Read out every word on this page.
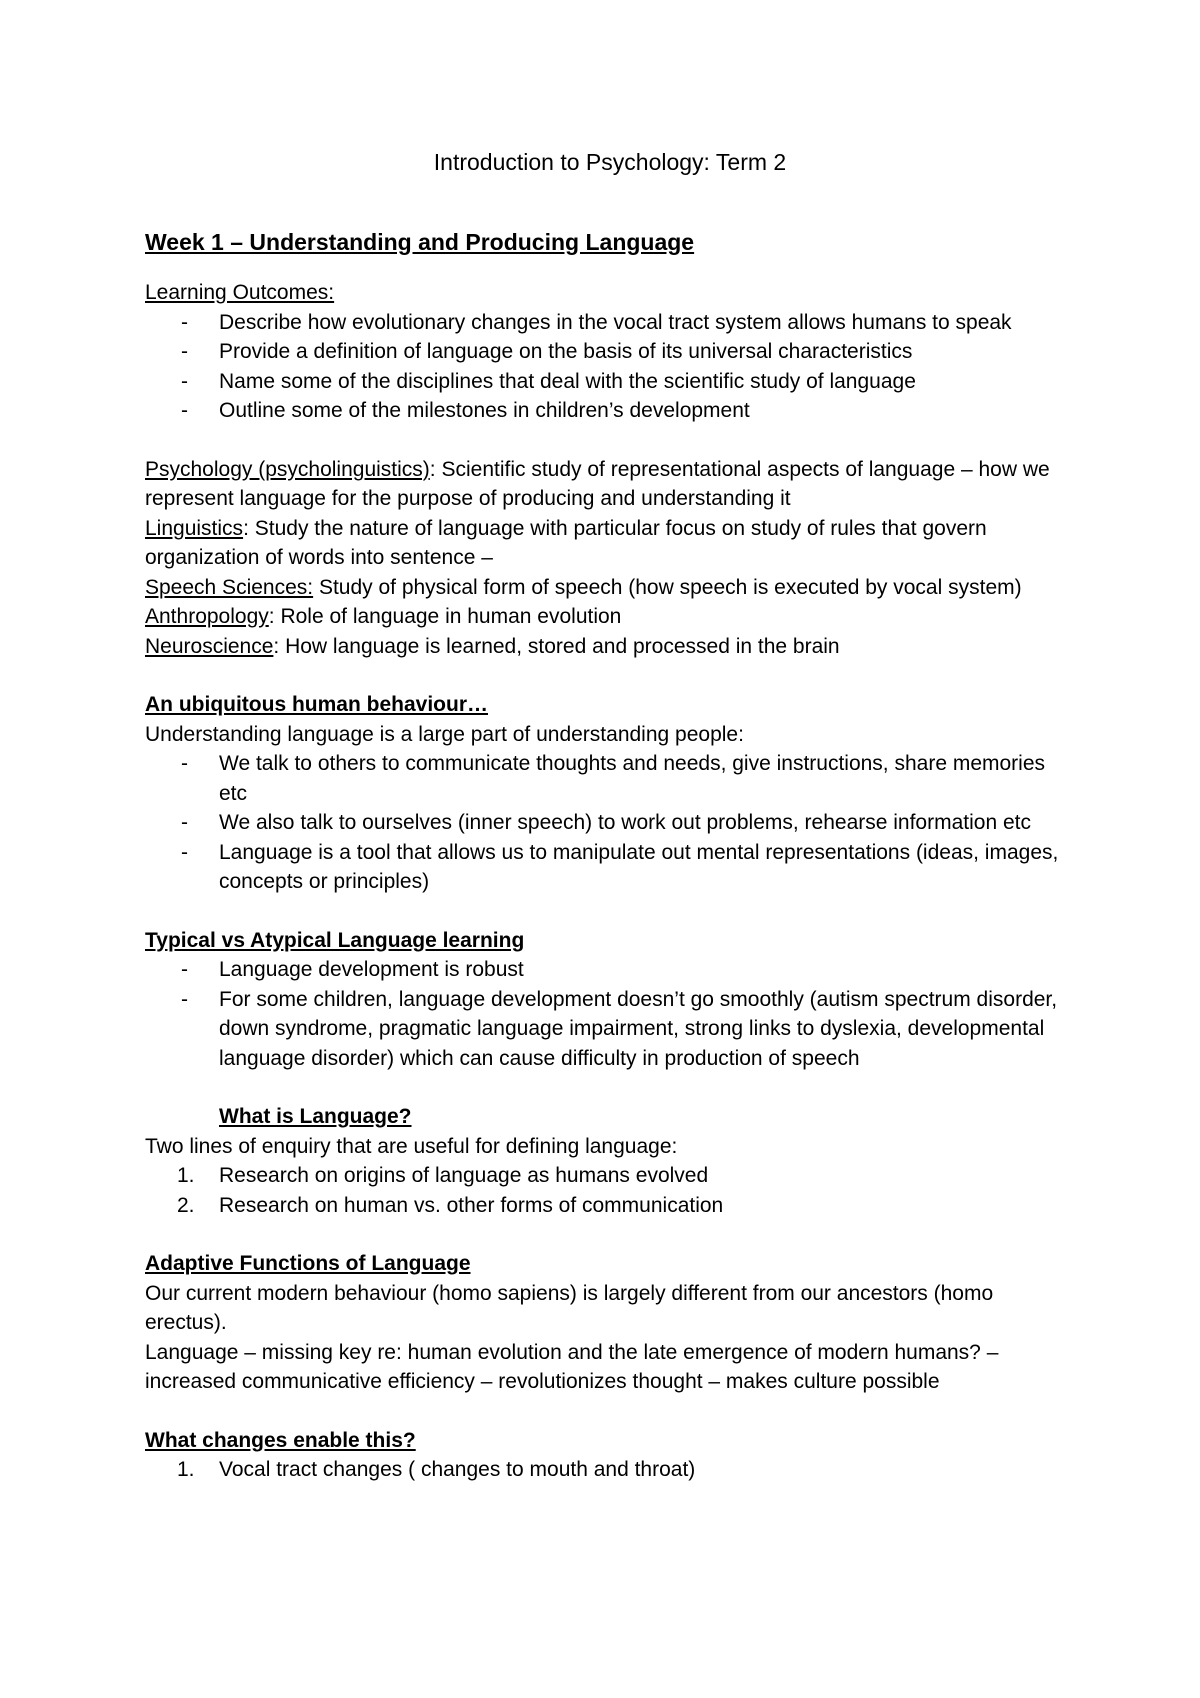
Introduction to Psychology: Term 2

Week 1 – Understanding and Producing Language

Learning Outcomes:

- Describe how evolutionary changes in the vocal tract system allows humans to speak
- Provide a definition of language on the basis of its universal characteristics
- Name some of the disciplines that deal with the scientific study of language
- Outline some of the milestones in children’s development

Psychology (psycholinguistics): Scientific study of representational aspects of language – how we represent language for the purpose of producing and understanding it

Linguistics: Study the nature of language with particular focus on study of rules that govern organization of words into sentence –

Speech Sciences: Study of physical form of speech (how speech is executed by vocal system)

Anthropology: Role of language in human evolution

Neuroscience: How language is learned, stored and processed in the brain

An ubiquitous human behaviour…

Understanding language is a large part of understanding people:

- We talk to others to communicate thoughts and needs, give instructions, share memories etc
- We also talk to ourselves (inner speech) to work out problems, rehearse information etc
- Language is a tool that allows us to manipulate out mental representations (ideas, images, concepts or principles)

Typical vs Atypical Language learning

- Language development is robust
- For some children, language development doesn’t go smoothly (autism spectrum disorder, down syndrome, pragmatic language impairment, strong links to dyslexia, developmental language disorder) which can cause difficulty in production of speech

What is Language?

Two lines of enquiry that are useful for defining language:

1. Research on origins of language as humans evolved
2. Research on human vs. other forms of communication

Adaptive Functions of Language

Our current modern behaviour (homo sapiens) is largely different from our ancestors (homo erectus).

Language – missing key re: human evolution and the late emergence of modern humans? – increased communicative efficiency – revolutionizes thought – makes culture possible

What changes enable this?

1. Vocal tract changes ( changes to mouth and throat)
